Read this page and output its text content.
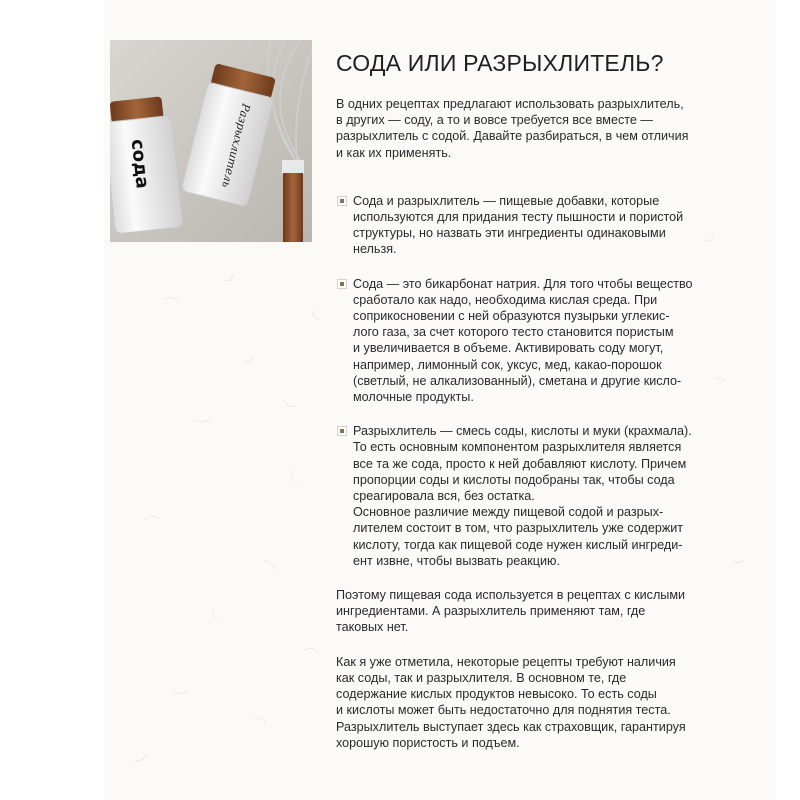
Разрыхлитель
сода
СОДА ИЛИ РАЗРЫХЛИТЕЛЬ?

В одних рецептах предлагают использовать разрыхлитель,
в других — соду, а то и вовсе требуется все вместе —
разрыхлитель с содой. Давайте разбираться, в чем отличия
и как их применять.

Сода и разрыхлитель — пищевые добавки, которые
используются для придания тесту пышности и пористой
структуры, но назвать эти ингредиенты одинаковыми
нельзя.
Сода — это бикарбонат натрия. Для того чтобы вещество
сработало как надо, необходима кислая среда. При
соприкосновении с ней образуются пузырьки углекис-
лого газа, за счет которого тесто становится пористым
и увеличивается в объеме. Активировать соду могут,
например, лимонный сок, уксус, мед, какао-порошок
(светлый, не алкализованный), сметана и другие кисло-
молочные продукты.
Разрыхлитель — смесь соды, кислоты и муки (крахмала).
То есть основным компонентом разрыхлителя является
все та же сода, просто к ней добавляют кислоту. Причем
пропорции соды и кислоты подобраны так, чтобы сода
среагировала вся, без остатка.
Основное различие между пищевой содой и разрых-
лителем состоит в том, что разрыхлитель уже содержит
кислоту, тогда как пищевой соде нужен кислый ингреди-
ент извне, чтобы вызвать реакцию.

Поэтому пищевая сода используется в рецептах с кислыми
ингредиентами. А разрыхлитель применяют там, где
таковых нет.

Как я уже отметила, некоторые рецепты требуют наличия
как соды, так и разрыхлителя. В основном те, где
содержание кислых продуктов невысоко. То есть соды
и кислоты может быть недостаточно для поднятия теста.
Разрыхлитель выступает здесь как страховщик, гарантируя
хорошую пористость и подъем.
